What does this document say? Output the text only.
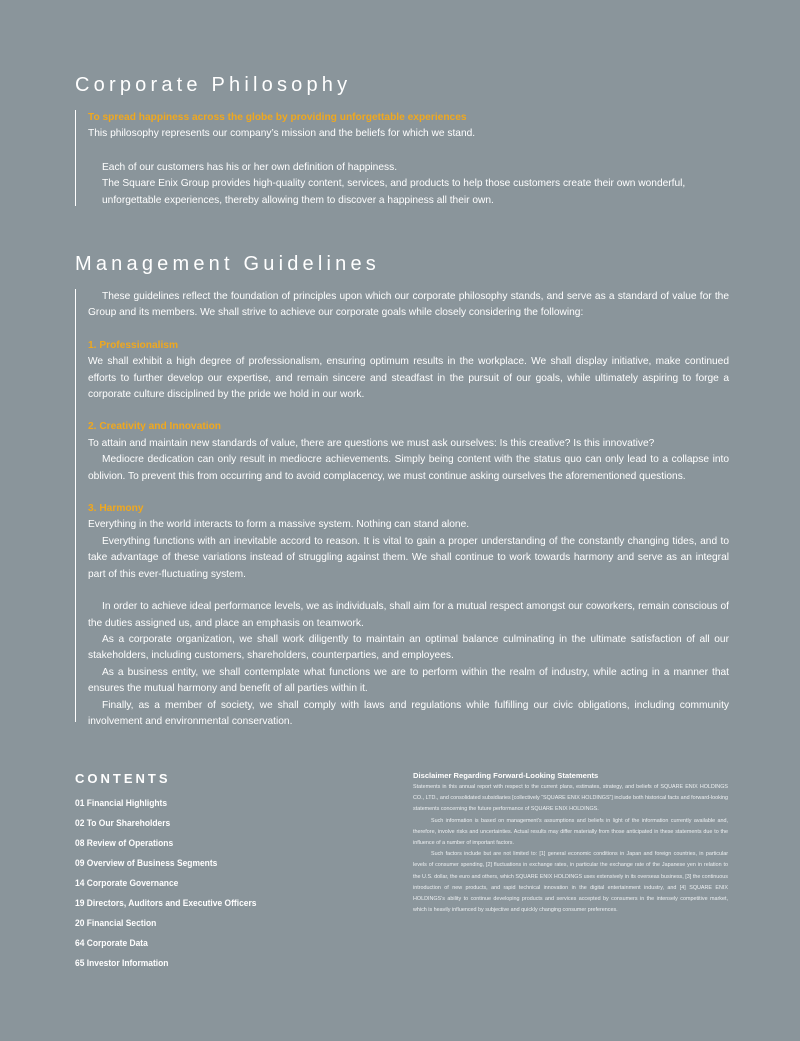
Corporate Philosophy

To spread happiness across the globe by providing unforgettable experiences

This philosophy represents our company’s mission and the beliefs for which we stand.

Each of our customers has his or her own definition of happiness.

The Square Enix Group provides high-quality content, services, and products to help those customers create their own wonderful, unforgettable experiences, thereby allowing them to discover a happiness all their own.

Management Guidelines

These guidelines reflect the foundation of principles upon which our corporate philosophy stands, and serve as a standard of value for the Group and its members. We shall strive to achieve our corporate goals while closely considering the following:

1. Professionalism

We shall exhibit a high degree of professionalism, ensuring optimum results in the workplace. We shall display initiative, make continued efforts to further develop our expertise, and remain sincere and steadfast in the pursuit of our goals, while ultimately aspiring to forge a corporate culture disciplined by the pride we hold in our work.

2. Creativity and Innovation

To attain and maintain new standards of value, there are questions we must ask ourselves: Is this creative? Is this innovative?

Mediocre dedication can only result in mediocre achievements. Simply being content with the status quo can only lead to a collapse into oblivion. To prevent this from occurring and to avoid complacency, we must continue asking ourselves the aforementioned questions.

3. Harmony

Everything in the world interacts to form a massive system. Nothing can stand alone.

Everything functions with an inevitable accord to reason. It is vital to gain a proper understanding of the constantly changing tides, and to take advantage of these variations instead of struggling against them. We shall continue to work towards harmony and serve as an integral part of this ever-fluctuating system.

In order to achieve ideal performance levels, we as individuals, shall aim for a mutual respect amongst our coworkers, remain conscious of the duties assigned us, and place an emphasis on teamwork.

As a corporate organization, we shall work diligently to maintain an optimal balance culminating in the ultimate satisfaction of all our stakeholders, including customers, shareholders, counterparties, and employees.

As a business entity, we shall contemplate what functions we are to perform within the realm of industry, while acting in a manner that ensures the mutual harmony and benefit of all parties within it.

Finally, as a member of society, we shall comply with laws and regulations while fulfilling our civic obligations, including community involvement and environmental conservation.

CONTENTS
01 Financial Highlights
02 To Our Shareholders
08 Review of Operations
09 Overview of Business Segments
14 Corporate Governance
19 Directors, Auditors and Executive Officers
20 Financial Section
64 Corporate Data
65 Investor Information
Disclaimer Regarding Forward-Looking Statements

Statements in this annual report with respect to the current plans, estimates, strategy, and beliefs of SQUARE ENIX HOLDINGS CO., LTD., and consolidated subsidiaries [collectively “SQUARE ENIX HOLDINGS”] include both historical facts and forward-looking statements concerning the future performance of SQUARE ENIX HOLDINGS.

Such information is based on management’s assumptions and beliefs in light of the information currently available and, therefore, involve risks and uncertainties. Actual results may differ materially from those anticipated in these statements due to the influence of a number of important factors.

Such factors include but are not limited to: [1] general economic conditions in Japan and foreign countries, in particular levels of consumer spending, [2] fluctuations in exchange rates, in particular the exchange rate of the Japanese yen in relation to the U.S. dollar, the euro and others, which SQUARE ENIX HOLDINGS uses extensively in its overseas business, [3] the continuous introduction of new products, and rapid technical innovation in the digital entertainment industry, and [4] SQUARE ENIX HOLDINGS’s ability to continue developing products and services accepted by consumers in the intensely competitive market, which is heavily influenced by subjective and quickly changing consumer preferences.
